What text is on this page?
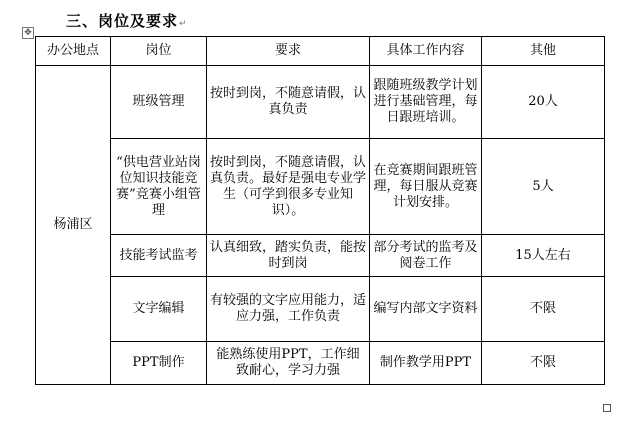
三、岗位及要求↵
✥
办公地点	岗位	要求	具体工作内容	其他
杨浦区	班级管理	按时到岗，不随意请假，认真负责	跟随班级教学计划进行基础管理，每日跟班培训。	20人
	“供电营业站岗位知识技能竞赛”竞赛小组管理	按时到岗，不随意请假，认真负责。最好是强电专业学生（可学到很多专业知识）。	在竞赛期间跟班管理，每日服从竞赛计划安排。	5人
	技能考试监考	认真细致，踏实负责，能按时到岗	部分考试的监考及阅卷工作	15人左右
	文字编辑	有较强的文字应用能力，适应力强，工作负责	编写内部文字资料	不限
	PPT制作	能熟练使用PPT，工作细致耐心，学习力强	制作教学用PPT	不限
